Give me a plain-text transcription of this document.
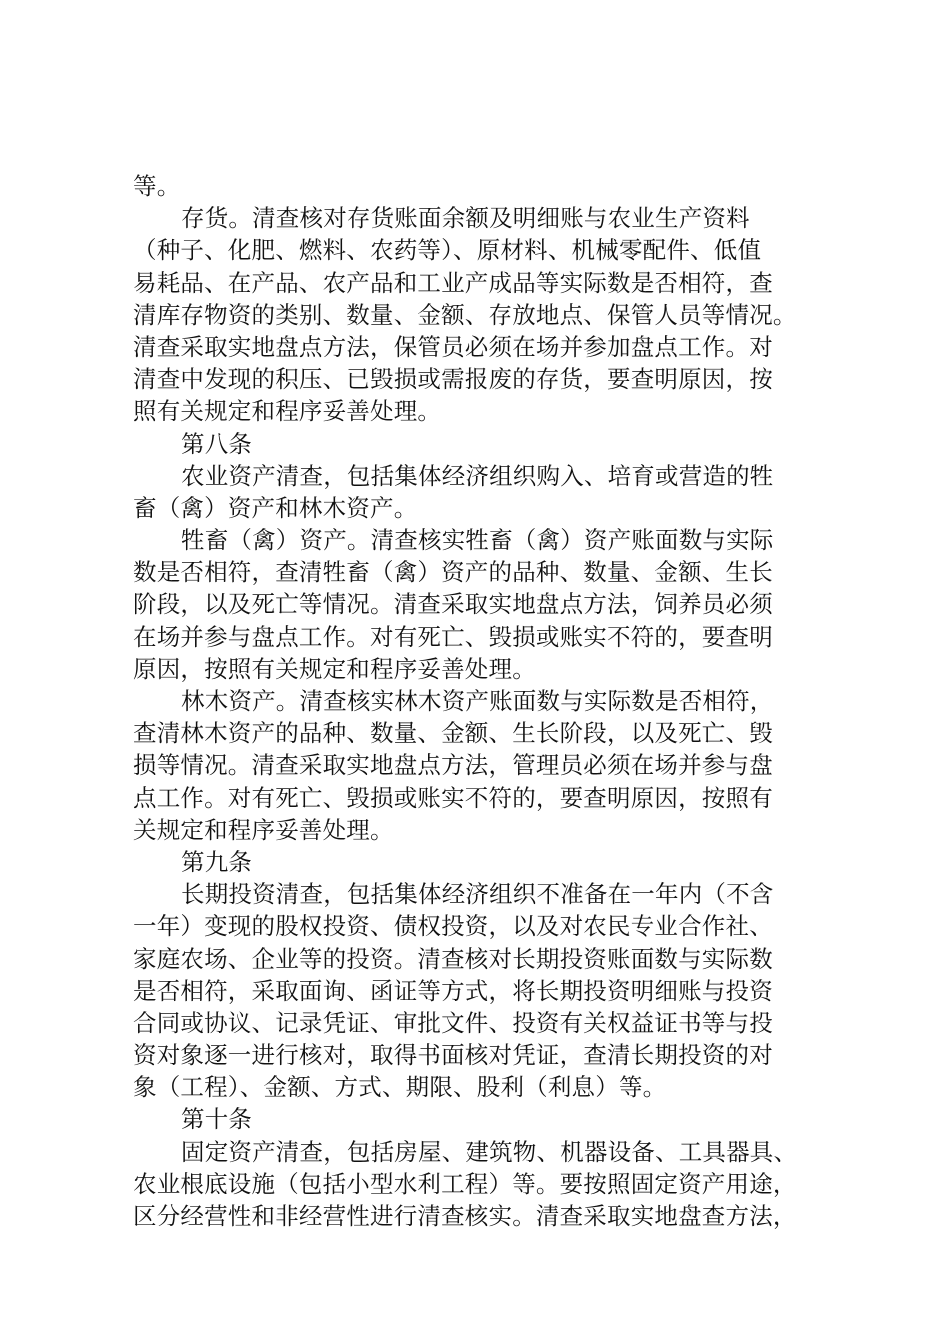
等。
存货。清查核对存货账面余额及明细账与农业生产资料
（种子、化肥、燃料、农药等）、原材料、机械零配件、低值
易耗品、在产品、农产品和工业产成品等实际数是否相符，查
清库存物资的类别、数量、金额、存放地点、保管人员等情况。
清查采取实地盘点方法，保管员必须在场并参加盘点工作。对
清查中发现的积压、已毁损或需报废的存货，要查明原因，按
照有关规定和程序妥善处理。
第八条
农业资产清查，包括集体经济组织购入、培育或营造的牲
畜（禽）资产和林木资产。
牲畜（禽）资产。清查核实牲畜（禽）资产账面数与实际
数是否相符，查清牲畜（禽）资产的品种、数量、金额、生长
阶段，以及死亡等情况。清查采取实地盘点方法，饲养员必须
在场并参与盘点工作。对有死亡、毁损或账实不符的，要查明
原因，按照有关规定和程序妥善处理。
林木资产。清查核实林木资产账面数与实际数是否相符，
查清林木资产的品种、数量、金额、生长阶段，以及死亡、毁
损等情况。清查采取实地盘点方法，管理员必须在场并参与盘
点工作。对有死亡、毁损或账实不符的，要查明原因，按照有
关规定和程序妥善处理。
第九条
长期投资清查，包括集体经济组织不准备在一年内（不含
一年）变现的股权投资、债权投资，以及对农民专业合作社、
家庭农场、企业等的投资。清查核对长期投资账面数与实际数
是否相符，采取面询、函证等方式，将长期投资明细账与投资
合同或协议、记录凭证、审批文件、投资有关权益证书等与投
资对象逐一进行核对，取得书面核对凭证，查清长期投资的对
象（工程）、金额、方式、期限、股利（利息）等。
第十条
固定资产清查，包括房屋、建筑物、机器设备、工具器具、
农业根底设施（包括小型水利工程）等。要按照固定资产用途，
区分经营性和非经营性进行清查核实。清查采取实地盘查方法，
